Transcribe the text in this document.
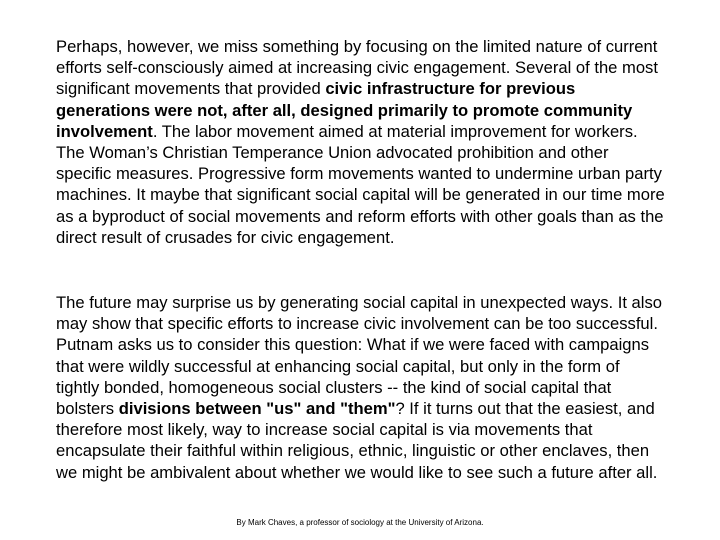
Perhaps, however, we miss something by focusing on the limited nature of current efforts self-consciously aimed at increasing civic engagement. Several of the most significant movements that provided civic infrastructure for previous generations were not, after all, designed primarily to promote community involvement. The labor movement aimed at material improvement for workers. The Woman’s Christian Temperance Union advocated prohibition and other specific measures. Progressive form movements wanted to undermine urban party machines. It maybe that significant social capital will be generated in our time more as a byproduct of social movements and reform efforts with other goals than as the direct result of crusades for civic engagement.

The future may surprise us by generating social capital in unexpected ways. It also may show that specific efforts to increase civic involvement can be too successful. Putnam asks us to consider this question: What if we were faced with campaigns that were wildly successful at enhancing social capital, but only in the form of tightly bonded, homogeneous social clusters -- the kind of social capital that bolsters divisions between "us" and "them"? If it turns out that the easiest, and therefore most likely, way to increase social capital is via movements that encapsulate their faithful within religious, ethnic, linguistic or other enclaves, then we might be ambivalent about whether we would like to see such a future after all.

By Mark Chaves, a professor of sociology at the University of Arizona.
